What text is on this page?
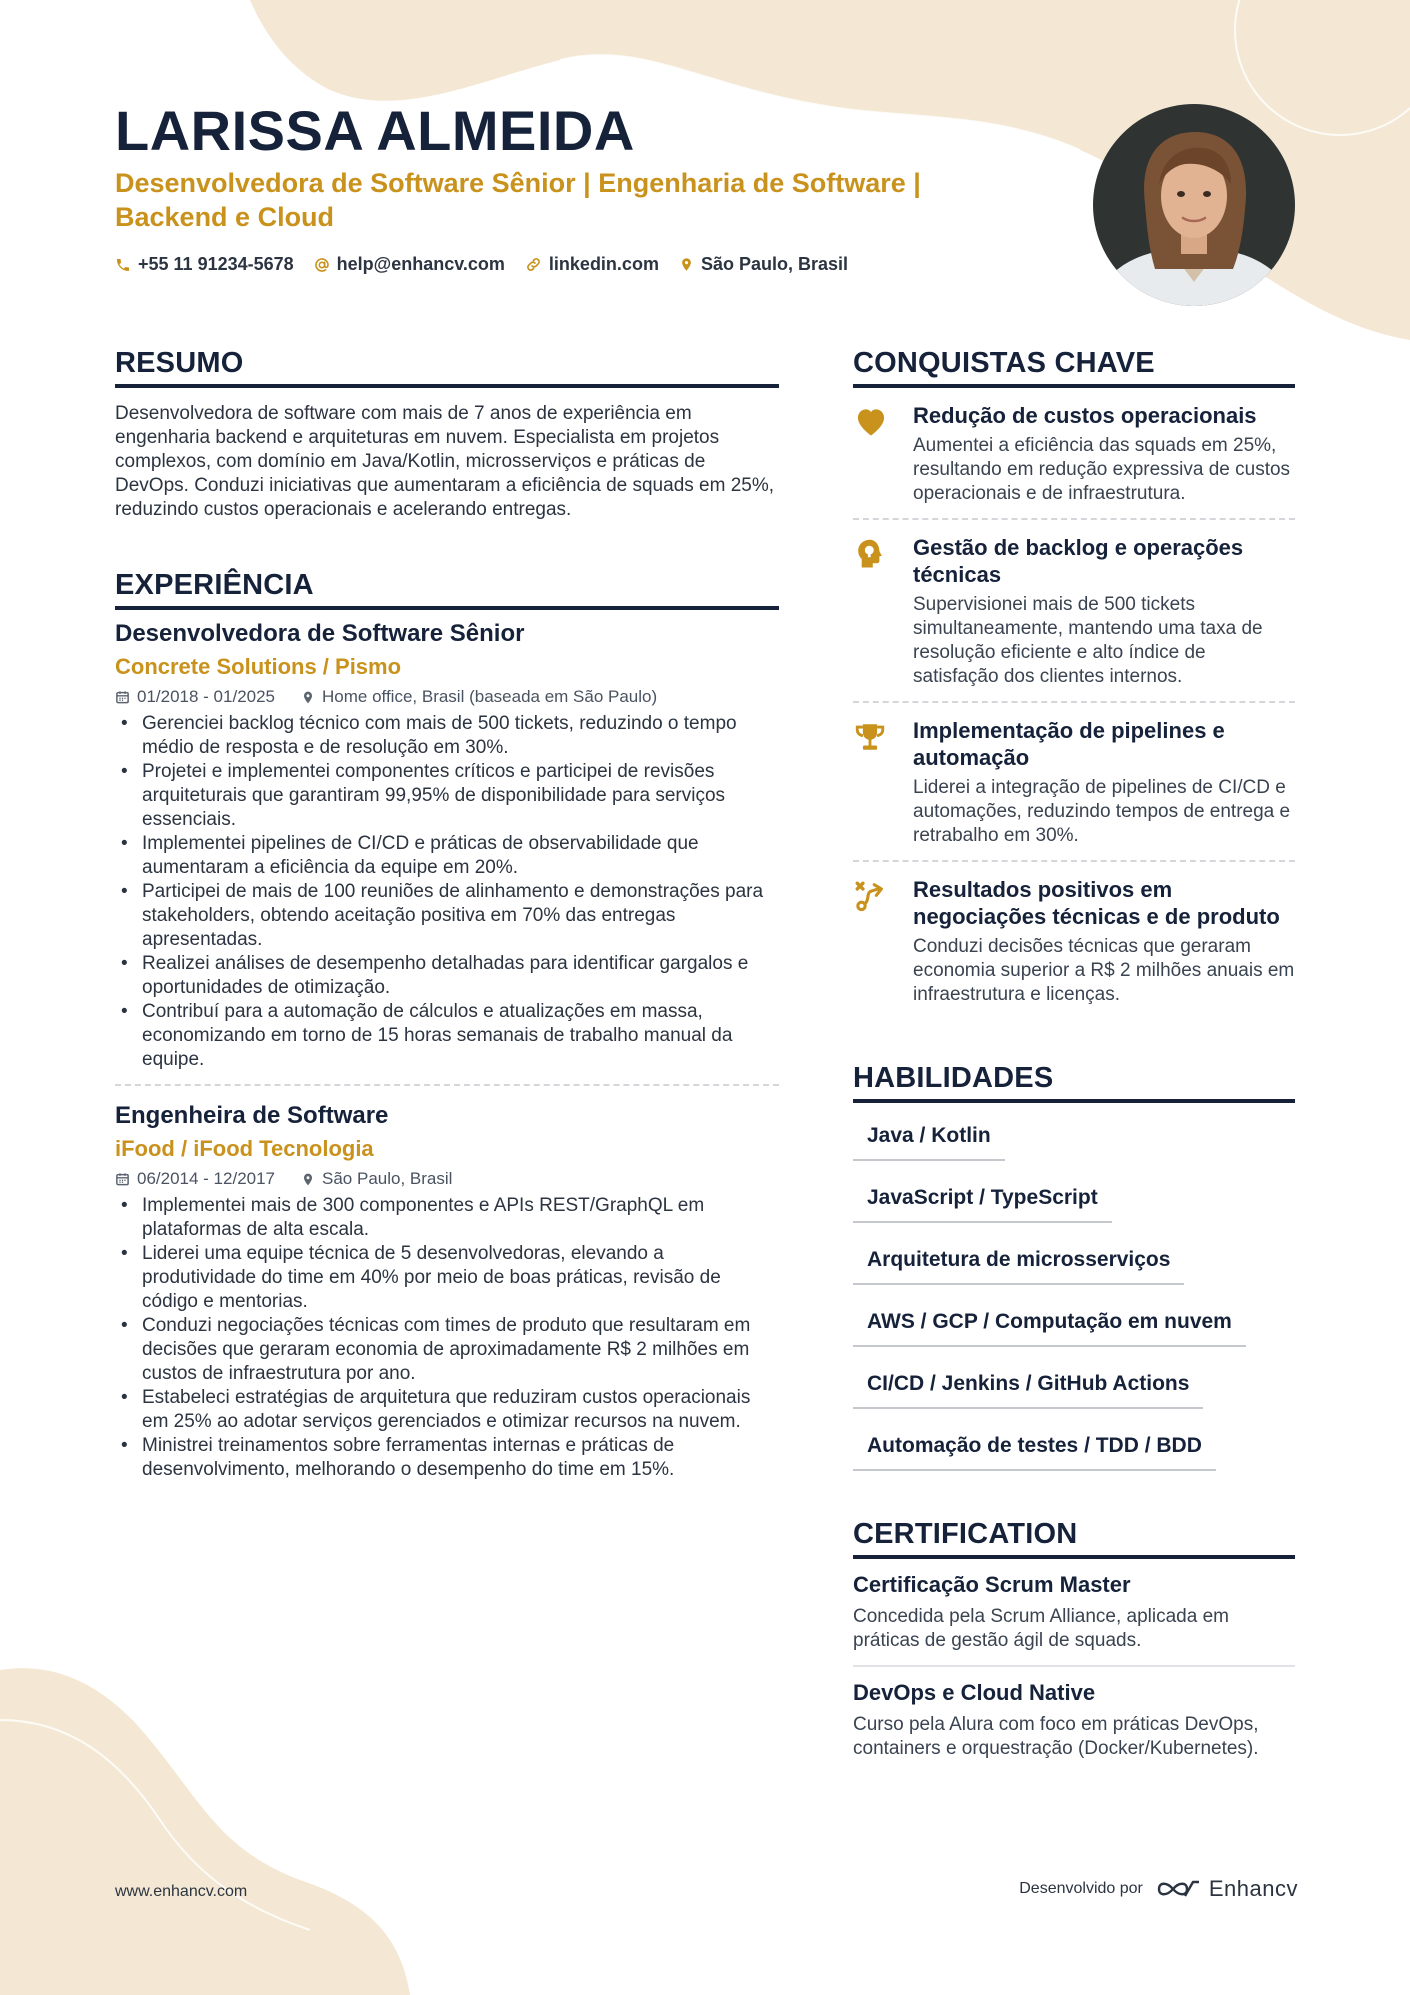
LARISSA ALMEIDA
Desenvolvedora de Software Sênior | Engenharia de Software | Backend e Cloud
+55 11 91234-5678 help@enhancv.com linkedin.com São Paulo, Brasil
RESUMO

Desenvolvedora de software com mais de 7 anos de experiência em engenharia backend e arquiteturas em nuvem. Especialista em projetos complexos, com domínio em Java/Kotlin, microsserviços e práticas de DevOps. Conduzi iniciativas que aumentaram a eficiência de squads em 25%, reduzindo custos operacionais e acelerando entregas.

EXPERIÊNCIA
Desenvolvedora de Software Sênior

Concrete Solutions / Pismo

01/2018 - 01/2025	Home office, Brasil (baseada em São Paulo)
• Gerenciei backlog técnico com mais de 500 tickets, reduzindo o tempo médio de resposta e de resolução em 30%.
• Projetei e implementei componentes críticos e participei de revisões arquiteturais que garantiram 99,95% de disponibilidade para serviços essenciais.
• Implementei pipelines de CI/CD e práticas de observabilidade que aumentaram a eficiência da equipe em 20%.
• Participei de mais de 100 reuniões de alinhamento e demonstrações para stakeholders, obtendo aceitação positiva em 70% das entregas apresentadas.
• Realizei análises de desempenho detalhadas para identificar gargalos e oportunidades de otimização.
• Contribuí para a automação de cálculos e atualizações em massa, economizando em torno de 15 horas semanais de trabalho manual da equipe.
Engenheira de Software

iFood / iFood Tecnologia

06/2014 - 12/2017	São Paulo, Brasil
• Implementei mais de 300 componentes e APIs REST/GraphQL em plataformas de alta escala.
• Liderei uma equipe técnica de 5 desenvolvedoras, elevando a produtividade do time em 40% por meio de boas práticas, revisão de código e mentorias.
• Conduzi negociações técnicas com times de produto que resultaram em decisões que geraram economia de aproximadamente R$ 2 milhões em custos de infraestrutura por ano.
• Estabeleci estratégias de arquitetura que reduziram custos operacionais em 25% ao adotar serviços gerenciados e otimizar recursos na nuvem.
• Ministrei treinamentos sobre ferramentas internas e práticas de desenvolvimento, melhorando o desempenho do time em 15%.
CONQUISTAS CHAVE
Redução de custos operacionais

Aumentei a eficiência das squads em 25%, resultando em redução expressiva de custos operacionais e de infraestrutura.

Gestão de backlog e operações técnicas

Supervisionei mais de 500 tickets simultaneamente, mantendo uma taxa de resolução eficiente e alto índice de satisfação dos clientes internos.

Implementação de pipelines e automação

Liderei a integração de pipelines de CI/CD e automações, reduzindo tempos de entrega e retrabalho em 30%.

Resultados positivos em negociações técnicas e de produto

Conduzi decisões técnicas que geraram economia superior a R$ 2 milhões anuais em infraestrutura e licenças.

HABILIDADES
Java / Kotlin
JavaScript / TypeScript
Arquitetura de microsserviços
AWS / GCP / Computação em nuvem
CI/CD / Jenkins / GitHub Actions
Automação de testes / TDD / BDD
CERTIFICATION
Certificação Scrum Master

Concedida pela Scrum Alliance, aplicada em práticas de gestão ágil de squads.

DevOps e Cloud Native

Curso pela Alura com foco em práticas DevOps, containers e orquestração (Docker/Kubernetes).

www.enhancv.com	Desenvolvido por	Enhancv
